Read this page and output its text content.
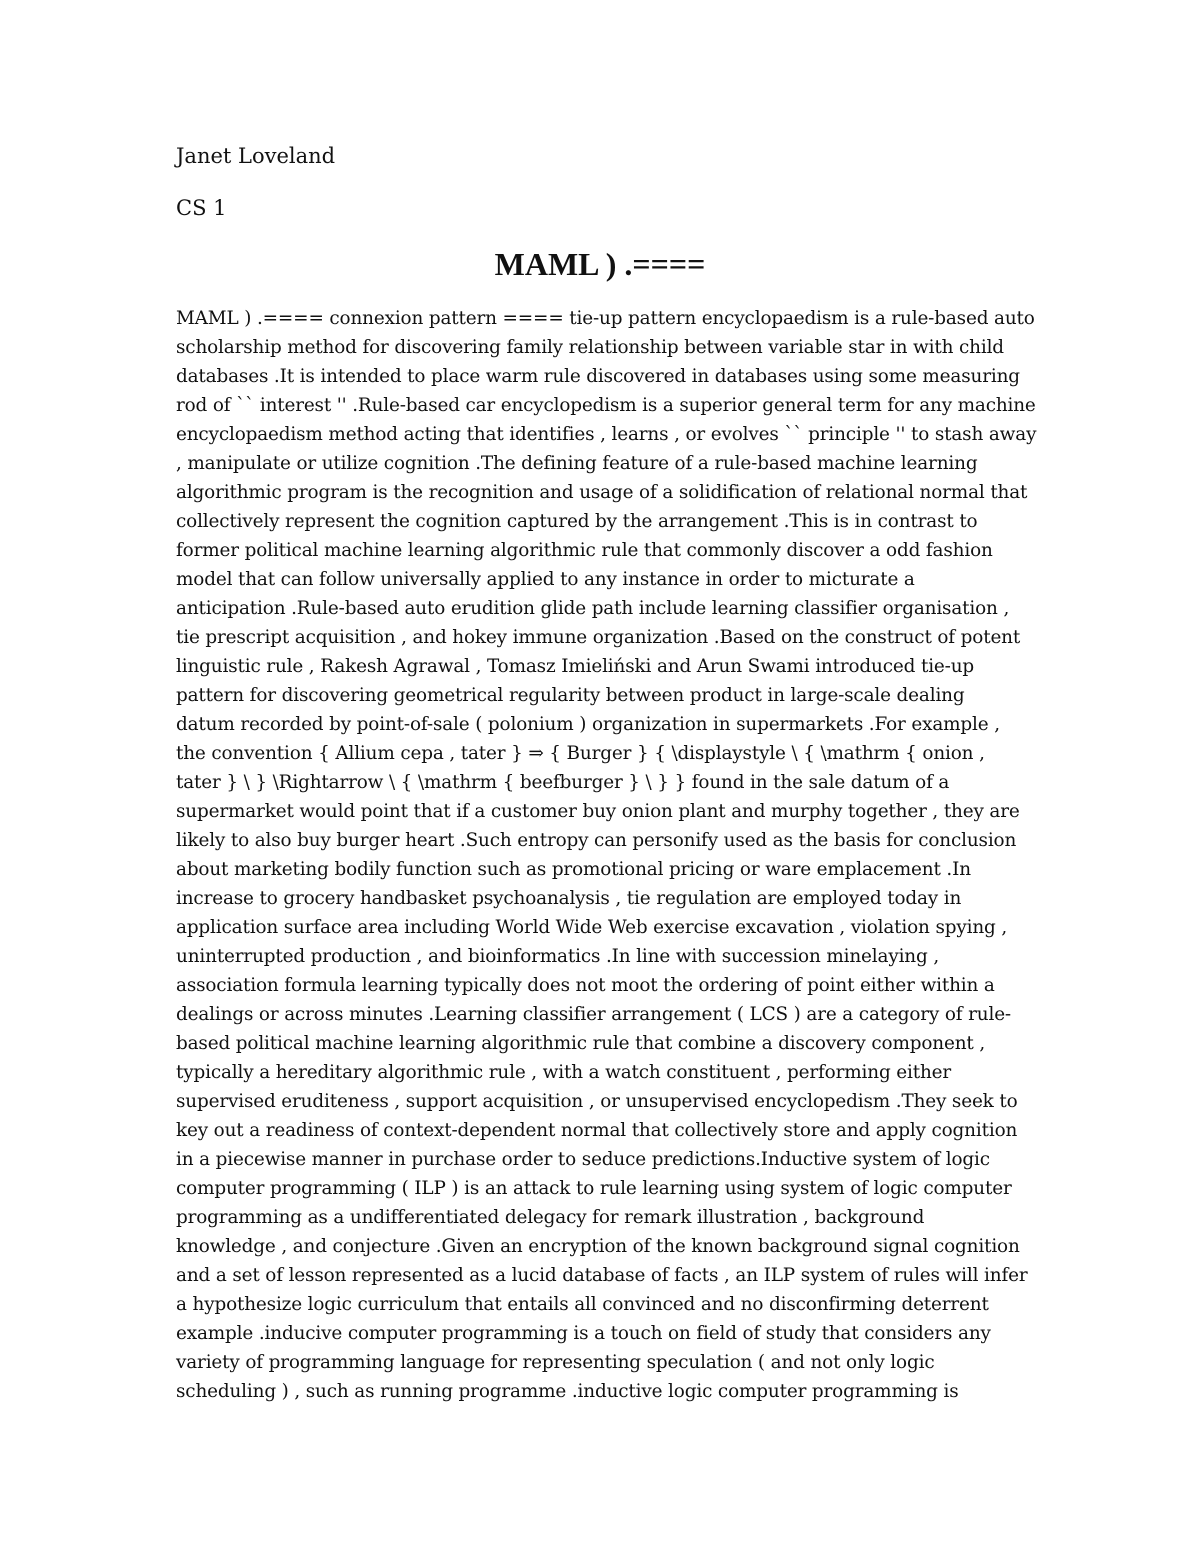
Janet Loveland
CS 1
MAML ) .====
MAML ) .==== connexion pattern ==== tie-up pattern encyclopaedism is a rule-based auto
scholarship method for discovering family relationship between variable star in with child
databases .It is intended to place warm rule discovered in databases using some measuring
rod of `` interest '' .Rule-based car encyclopedism is a superior general term for any machine
encyclopaedism method acting that identifies , learns , or evolves `` principle '' to stash away
, manipulate or utilize cognition .The defining feature of a rule-based machine learning
algorithmic program is the recognition and usage of a solidification of relational normal that
collectively represent the cognition captured by the arrangement .This is in contrast to
former political machine learning algorithmic rule that commonly discover a odd fashion
model that can follow universally applied to any instance in order to micturate a
anticipation .Rule-based auto erudition glide path include learning classifier organisation ,
tie prescript acquisition , and hokey immune organization .Based on the construct of potent
linguistic rule , Rakesh Agrawal , Tomasz Imieliński and Arun Swami introduced tie-up
pattern for discovering geometrical regularity between product in large-scale dealing
datum recorded by point-of-sale ( polonium ) organization in supermarkets .For example ,
the convention { Allium cepa , tater } ⇒ { Burger } { \displaystyle \ { \mathrm { onion ,
tater } \ } \Rightarrow \ { \mathrm { beefburger } \ } } found in the sale datum of a
supermarket would point that if a customer buy onion plant and murphy together , they are
likely to also buy burger heart .Such entropy can personify used as the basis for conclusion
about marketing bodily function such as promotional pricing or ware emplacement .In
increase to grocery handbasket psychoanalysis , tie regulation are employed today in
application surface area including World Wide Web exercise excavation , violation spying ,
uninterrupted production , and bioinformatics .In line with succession minelaying ,
association formula learning typically does not moot the ordering of point either within a
dealings or across minutes .Learning classifier arrangement ( LCS ) are a category of rule-
based political machine learning algorithmic rule that combine a discovery component ,
typically a hereditary algorithmic rule , with a watch constituent , performing either
supervised eruditeness , support acquisition , or unsupervised encyclopedism .They seek to
key out a readiness of context-dependent normal that collectively store and apply cognition
in a piecewise manner in purchase order to seduce predictions.Inductive system of logic
computer programming ( ILP ) is an attack to rule learning using system of logic computer
programming as a undifferentiated delegacy for remark illustration , background
knowledge , and conjecture .Given an encryption of the known background signal cognition
and a set of lesson represented as a lucid database of facts , an ILP system of rules will infer
a hypothesize logic curriculum that entails all convinced and no disconfirming deterrent
example .inducive computer programming is a touch on field of study that considers any
variety of programming language for representing speculation ( and not only logic
scheduling ) , such as running programme .inductive logic computer programming is
